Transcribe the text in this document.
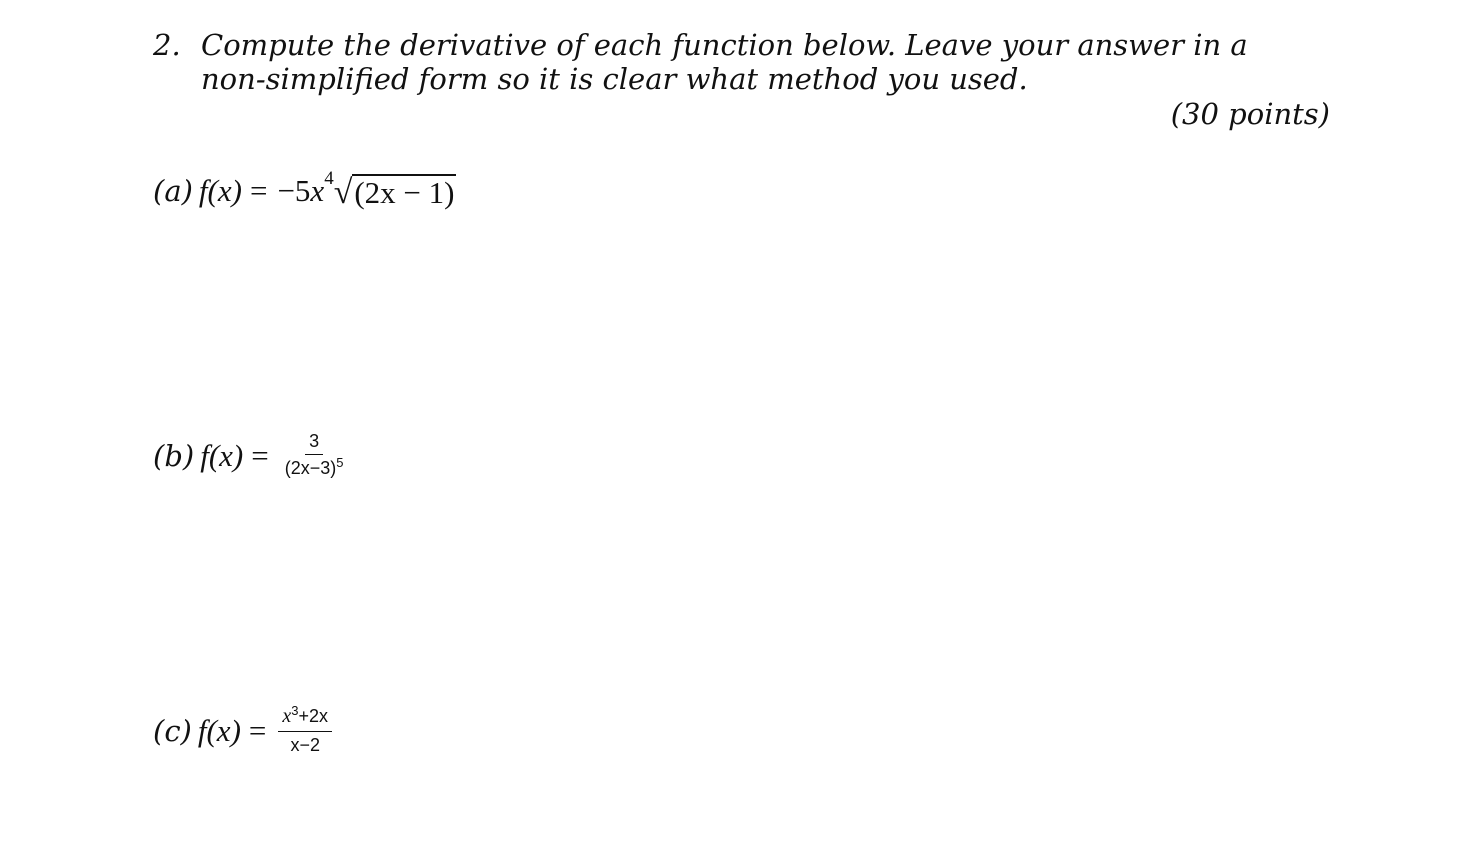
2. Compute the derivative of each function below. Leave your answer in a non-simplified form so it is clear what method you used.
(30 points)
(a) f(x) = −5 x 4 √ (2x − 1)
(b) $f(x) = \frac{3}{(2x-3)^5}$
(c) $f(x) = \frac{x^3+2x}{x-2}$
